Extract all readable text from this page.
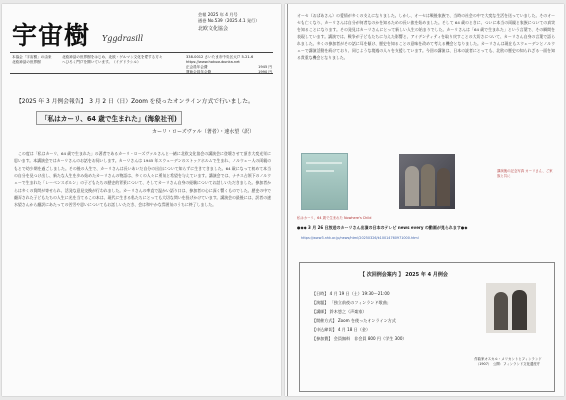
宇宙樹 Yggdrasill
会報 2025 年 4 月号
通巻 No.539（2025.4.1 発行）
北欧文化協会
本協会「宇宙樹」の由来
北欧神話の世界樹
北欧神話の世界樹をはじめ、北欧・ゲルマン文化を愛する方々
へひろく門戸を開いています。（イグドラシル）
338-0012 さいたま市中央区大戸 5-21-6
https://www.hokuoubunka.net
正会員年会費	1945 円
賛助会員年会費	1990 円
【2025 年 3 月例会報告】　3 月 2 日（日）Zoom を使ったオンライン方式で行いました。
「私はカーリ、64 歳で生まれた」(海象社刊)
カーリ・ローズヴァル（著者）・速水望（訳）
この度は「私はカーリ、64 歳で生まれた」の著者であるカーリ・ローズヴァルさんと一緒に北欧文化協会の講演会に登壇させて頂き大変光栄に思います。本講演会ではカーリさんのお話をお伺いします。カーリさんは 1945 年スウェーデンのストックホルムで生まれ、ノルウェー人の両親のもとで幼少期を過ごしました。その後の人生で、カーリさんは長いあいだ自分の出自について知らずに生きてきました。64 歳になって初めて本当の自分を見つけ出し、新たな人生を歩み始めたカーリさんの物語は、多くの人々に勇気と希望を与えています。講演会では、ナチス占領下のノルウェーで生まれた「レーベンスボルン」の子どもたちの歴史的背景について、そしてカーリさん自身の経験についてお話しいただきました。参加者からは多くの質問が寄せられ、活発な意見交換が行われました。カーリさんの率直で温かい語り口は、参加者の心に深く響くものでした。歴史の中で翻弄された子どもたちの人生に光を当てるこの本は、現代に生きる私たちにとっても大切な問いを投げかけています。講演会の最後には、訳者の速水望さんから翻訳にあたっての苦労や思いについてもお話しいただき、会は和やかな雰囲気のうちに終了しました。
オーセ（おばあさん）の愛情が多くの支えになりました。しかし、オーセは戦後家族で、当時の社会の中で大変な生活を送っていました。そのオーセも亡くなり、カーリさんは自分が何者なのかを知るための長い旅を始めました。そして 64 歳のときに、ついに本当の両親と家族についての真実を知ることになります。その発見はカーリさんにとって新しい人生の始まりでした。カーリさんは「64 歳で生まれた」という言葉で、その瞬間を表現しています。講演では、戦争が子どもたちに与えた影響と、アイデンティティを取り戻すことの大切さについて、カーリさん自身の言葉で語られました。多くの参加者がその話に耳を傾け、歴史を知ることの意味を改めて考える機会となりました。カーリさんは現在もスウェーデンとノルウェーで講演活動を続けており、同じような境遇の人々を支援しています。今回の講演は、日本の読者にとっても、北欧の歴史の知られざる一面を知る貴重な機会となりました。
私はカーリ、64 歳で生まれた Nowhere's Child
講演後の記念写真 カーリさん、ご家族と共に
●◆◆ 3 月 26 日放送のカーリさん出演の日本のテレビ news every の動画が見られます●◆
https://www3.nhk.or.jp/news/html/20250326/k10014760971000.html
【 次回例会案内 】 2025 年 4 月例会
【日時】 4 月 19 日（土）19:30～21:00
【演題】 「独立前夜のフィンランド歌曲」
【講師】 鈴木悠之（声楽家）
【開催方式】 Zoom を使ったオンライン方式
【申込締切】 4 月 18 日（金）
【参加費】 会員無料　非会員 800 円（学生 300）
作曲家オスカル・メリカントとフィンランド
（1907）　公開：フィンランド文化遺産庁
